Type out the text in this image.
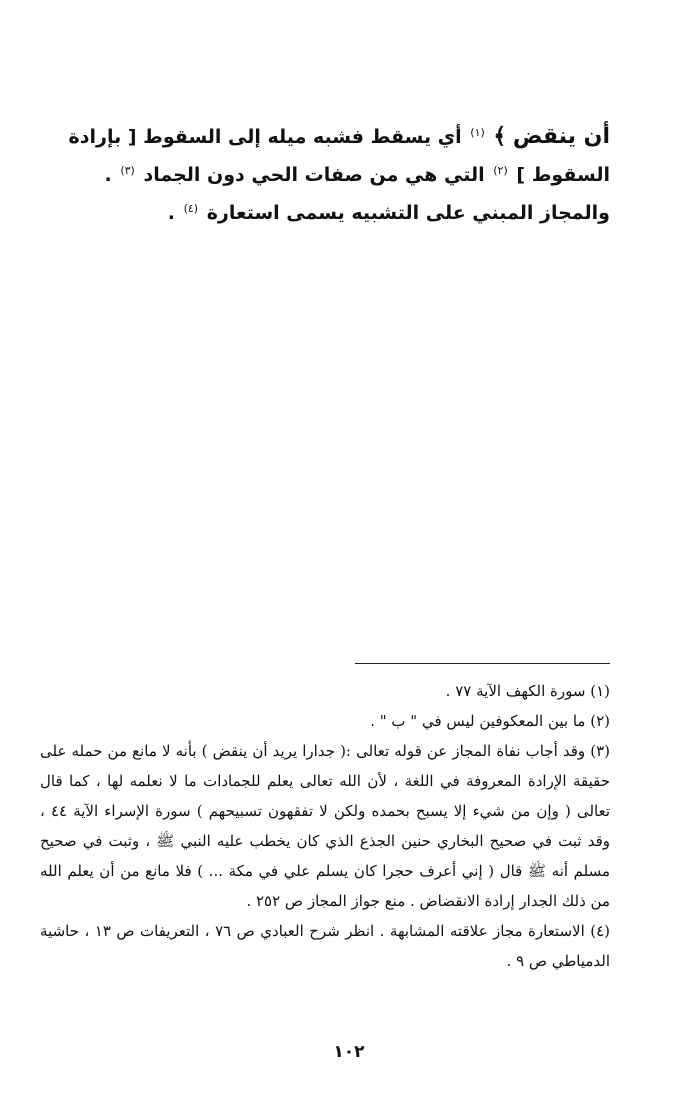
أن ينقض ﴾ $^{(١)}$ أي يسقط فشبه ميله إلى السقوط [ بإرادة السقوط ] $^{(٢)}$ التي هي من صفات الحي دون الجماد $^{(٣)}$ .

والمجاز المبني على التشبيه يسمى استعارة $^{(٤)}$ .

(١) سورة الكهف الآية ٧٧ .

(٢) ما بين المعكوفين ليس في " ب " .

(٣) وقد أجاب نفاة المجاز عن قوله تعالى :( جدارا يريد أن ينقض ) بأنه لا مانع من حمله على حقيقة الإرادة المعروفة في اللغة ، لأن الله تعالى يعلم للجمادات ما لا نعلمه لها ، كما قال تعالى ( وإن من شيء إلا يسبح بحمده ولكن لا تفقهون تسبيحهم ) سورة الإسراء الآية ٤٤ ، وقد ثبت في صحيح البخاري حنين الجذع الذي كان يخطب عليه النبي ﷺ ، وثبت في صحيح مسلم أنه ﷺ قال ( إني أعرف حجرا كان يسلم علي في مكة ... ) فلا مانع من أن يعلم الله من ذلك الجدار إرادة الانقضاض . منع جواز المجاز ص ٢٥٢ .

(٤) الاستعارة مجاز علاقته المشابهة . انظر شرح العبادي ص ٧٦ ، التعريفات ص ١٣ ، حاشية الدمياطي ص ٩ .

١٠٢
